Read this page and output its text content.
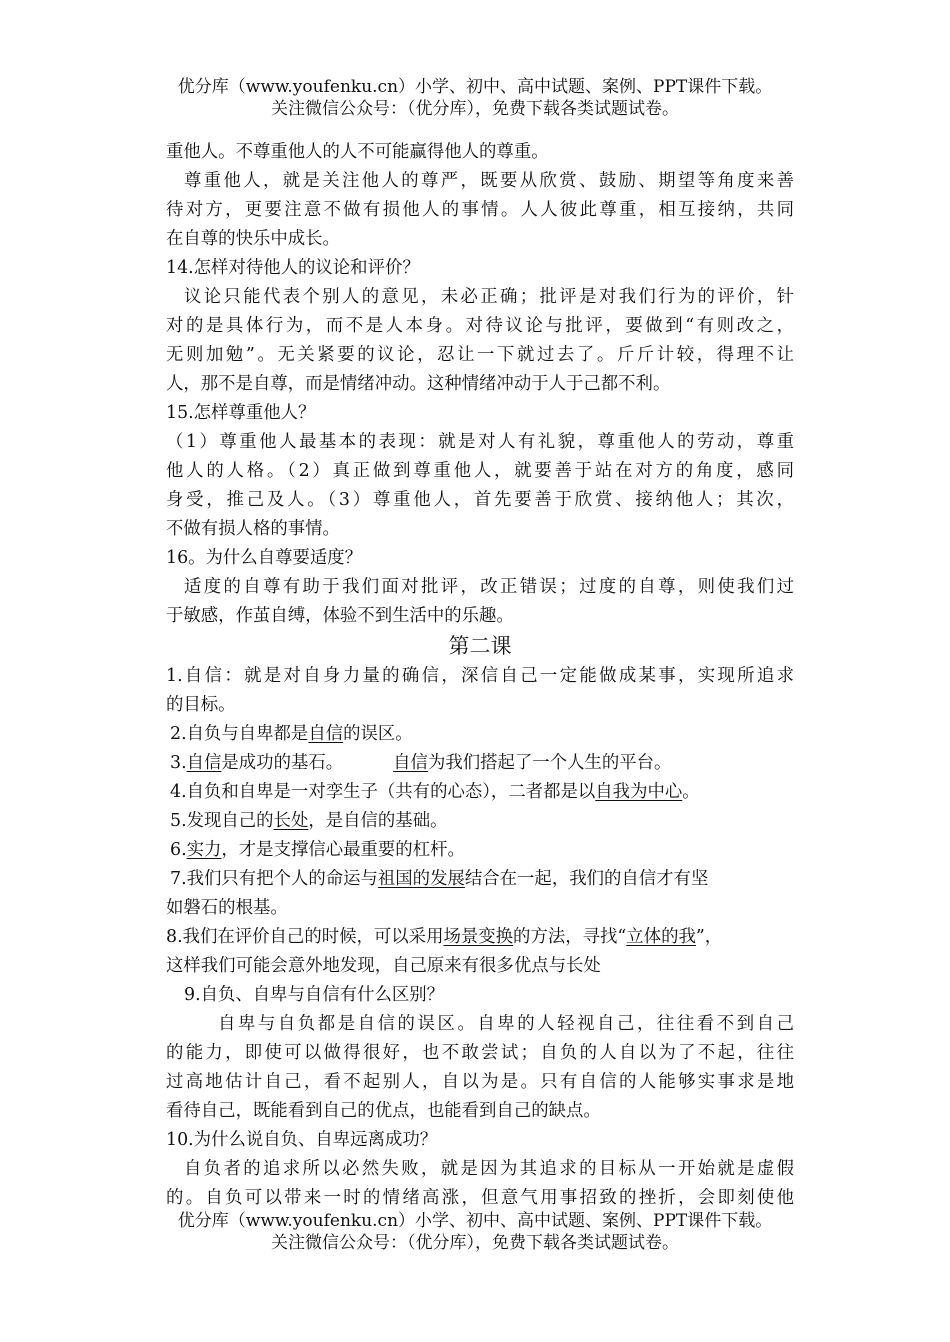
优分库（www.youfenku.cn）小学、初中、高中试题、案例、PPT课件下载。
关注微信公众号：（优分库），免费下载各类试题试卷。
重他人。不尊重他人的人不可能赢得他人的尊重。
尊重他人，就是关注他人的尊严，既要从欣赏、鼓励、期望等角度来善
待对方，更要注意不做有损他人的事情。人人彼此尊重，相互接纳，共同
在自尊的快乐中成长。
14.怎样对待他人的议论和评价？
议论只能代表个别人的意见，未必正确；批评是对我们行为的评价，针
对的是具体行为，而不是人本身。对待议论与批评，要做到“有则改之，
无则加勉”。无关紧要的议论，忍让一下就过去了。斤斤计较，得理不让
人，那不是自尊，而是情绪冲动。这种情绪冲动于人于己都不利。
15.怎样尊重他人？
（1）尊重他人最基本的表现：就是对人有礼貌，尊重他人的劳动，尊重
他人的人格。（2）真正做到尊重他人，就要善于站在对方的角度，感同
身受，推己及人。（3）尊重他人，首先要善于欣赏、接纳他人；其次，
不做有损人格的事情。
16。为什么自尊要适度？
适度的自尊有助于我们面对批评，改正错误；过度的自尊，则使我们过
于敏感，作茧自缚，体验不到生活中的乐趣。
第二课
1.自信：就是对自身力量的确信，深信自己一定能做成某事，实现所追求
的目标。
2.自负与自卑都是自信的误区。
3.自信是成功的基石。	自信为我们搭起了一个人生的平台。
4.自负和自卑是一对孪生子（共有的心态），二者都是以自我为中心。
5.发现自己的长处，是自信的基础。
6.实力，才是支撑信心最重要的杠杆。
7.我们只有把个人的命运与祖国的发展结合在一起，我们的自信才有坚
如磐石的根基。
8.我们在评价自己的时候，可以采用场景变换的方法，寻找“立体的我”，
这样我们可能会意外地发现，自己原来有很多优点与长处
9.自负、自卑与自信有什么区别？
自卑与自负都是自信的误区。自卑的人轻视自己，往往看不到自己
的能力，即使可以做得很好，也不敢尝试；自负的人自以为了不起，往往
过高地估计自己，看不起别人，自以为是。只有自信的人能够实事求是地
看待自己，既能看到自己的优点，也能看到自己的缺点。
10.为什么说自负、自卑远离成功？
自负者的追求所以必然失败，就是因为其追求的目标从一开始就是虚假
的。自负可以带来一时的情绪高涨，但意气用事招致的挫折，会即刻使他
优分库（www.youfenku.cn）小学、初中、高中试题、案例、PPT课件下载。
关注微信公众号：（优分库），免费下载各类试题试卷。
